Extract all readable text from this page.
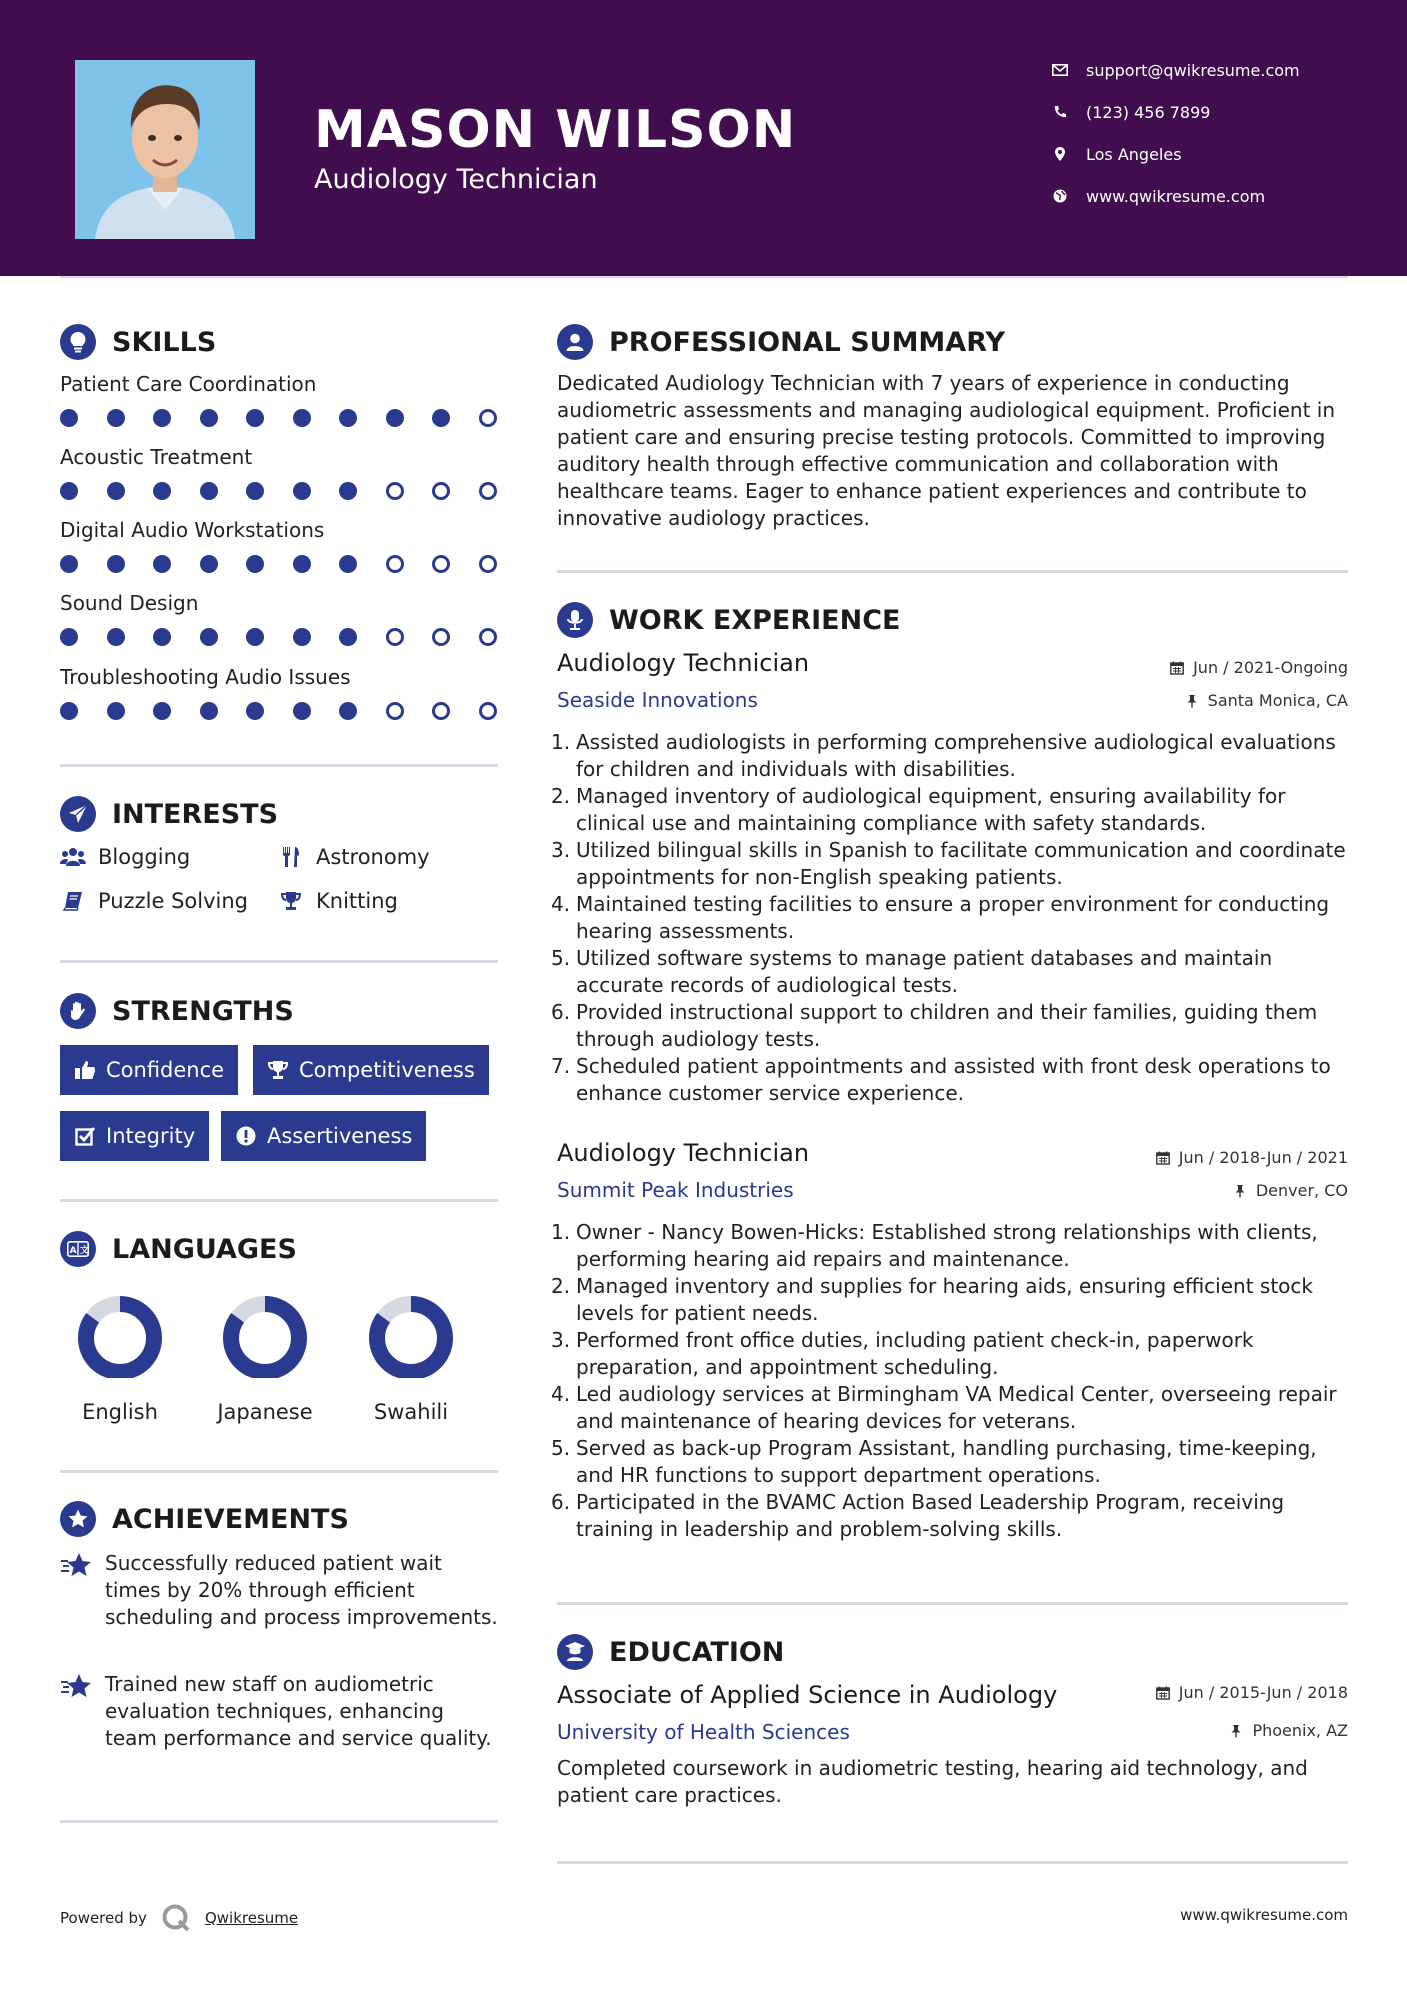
MASON WILSON
Audiology Technician
support@qwikresume.com
(123) 456 7899
Los Angeles
www.qwikresume.com
SKILLS
Patient Care Coordination
Acoustic Treatment
Digital Audio Workstations
Sound Design
Troubleshooting Audio Issues
INTERESTS
Blogging	Astronomy
Puzzle Solving	Knitting
STRENGTHS
Confidence	Competitiveness
Integrity	Assertiveness
A 文 LANGUAGES
English	Japanese	Swahili
ACHIEVEMENTS
Successfully reduced patient wait times by 20% through efficient scheduling and process improvements.
Trained new staff on audiometric evaluation techniques, enhancing team performance and service quality.
PROFESSIONAL SUMMARY
Dedicated Audiology Technician with 7 years of experience in conducting audiometric assessments and managing audiological equipment. Proficient in patient care and ensuring precise testing protocols. Committed to improving auditory health through effective communication and collaboration with healthcare teams. Eager to enhance patient experiences and contribute to innovative audiology practices.
WORK EXPERIENCE
Audiology Technician	Jun / 2021-Ongoing
Seaside Innovations	Santa Monica, CA
1. Assisted audiologists in performing comprehensive audiological evaluations for children and individuals with disabilities.
2. Managed inventory of audiological equipment, ensuring availability for clinical use and maintaining compliance with safety standards.
3. Utilized bilingual skills in Spanish to facilitate communication and coordinate appointments for non-English speaking patients.
4. Maintained testing facilities to ensure a proper environment for conducting hearing assessments.
5. Utilized software systems to manage patient databases and maintain accurate records of audiological tests.
6. Provided instructional support to children and their families, guiding them through audiology tests.
7. Scheduled patient appointments and assisted with front desk operations to enhance customer service experience.
Audiology Technician	Jun / 2018-Jun / 2021
Summit Peak Industries	Denver, CO
1. Owner - Nancy Bowen-Hicks: Established strong relationships with clients, performing hearing aid repairs and maintenance.
2. Managed inventory and supplies for hearing aids, ensuring efficient stock levels for patient needs.
3. Performed front office duties, including patient check-in, paperwork preparation, and appointment scheduling.
4. Led audiology services at Birmingham VA Medical Center, overseeing repair and maintenance of hearing devices for veterans.
5. Served as back-up Program Assistant, handling purchasing, time-keeping, and HR functions to support department operations.
6. Participated in the BVAMC Action Based Leadership Program, receiving training in leadership and problem-solving skills.
EDUCATION
Associate of Applied Science in Audiology	Jun / 2015-Jun / 2018
University of Health Sciences	Phoenix, AZ
Completed coursework in audiometric testing, hearing aid technology, and patient care practices.
Powered by	Qwikresume	www.qwikresume.com
